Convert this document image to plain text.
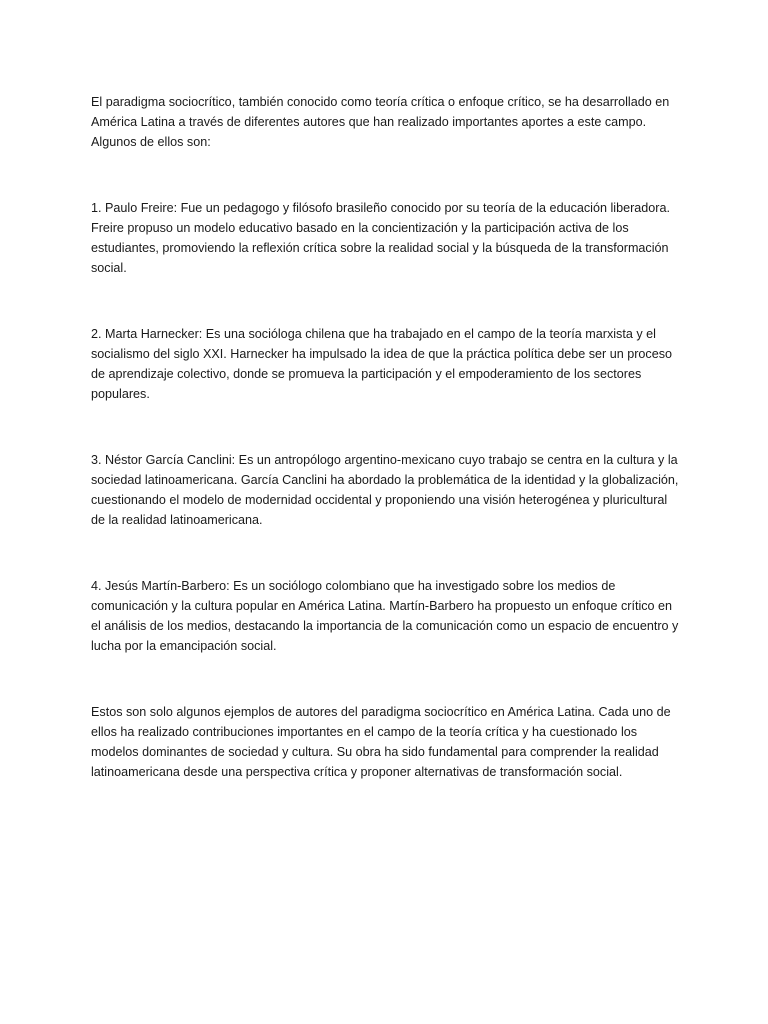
El paradigma sociocrítico, también conocido como teoría crítica o enfoque crítico, se ha desarrollado en América Latina a través de diferentes autores que han realizado importantes aportes a este campo. Algunos de ellos son:

1. Paulo Freire: Fue un pedagogo y filósofo brasileño conocido por su teoría de la educación liberadora. Freire propuso un modelo educativo basado en la concientización y la participación activa de los estudiantes, promoviendo la reflexión crítica sobre la realidad social y la búsqueda de la transformación social.

2. Marta Harnecker: Es una socióloga chilena que ha trabajado en el campo de la teoría marxista y el socialismo del siglo XXI. Harnecker ha impulsado la idea de que la práctica política debe ser un proceso de aprendizaje colectivo, donde se promueva la participación y el empoderamiento de los sectores populares.

3. Néstor García Canclini: Es un antropólogo argentino-mexicano cuyo trabajo se centra en la cultura y la sociedad latinoamericana. García Canclini ha abordado la problemática de la identidad y la globalización, cuestionando el modelo de modernidad occidental y proponiendo una visión heterogénea y pluricultural de la realidad latinoamericana.

4. Jesús Martín-Barbero: Es un sociólogo colombiano que ha investigado sobre los medios de comunicación y la cultura popular en América Latina. Martín-Barbero ha propuesto un enfoque crítico en el análisis de los medios, destacando la importancia de la comunicación como un espacio de encuentro y lucha por la emancipación social.

Estos son solo algunos ejemplos de autores del paradigma sociocrítico en América Latina. Cada uno de ellos ha realizado contribuciones importantes en el campo de la teoría crítica y ha cuestionado los modelos dominantes de sociedad y cultura. Su obra ha sido fundamental para comprender la realidad latinoamericana desde una perspectiva crítica y proponer alternativas de transformación social.
